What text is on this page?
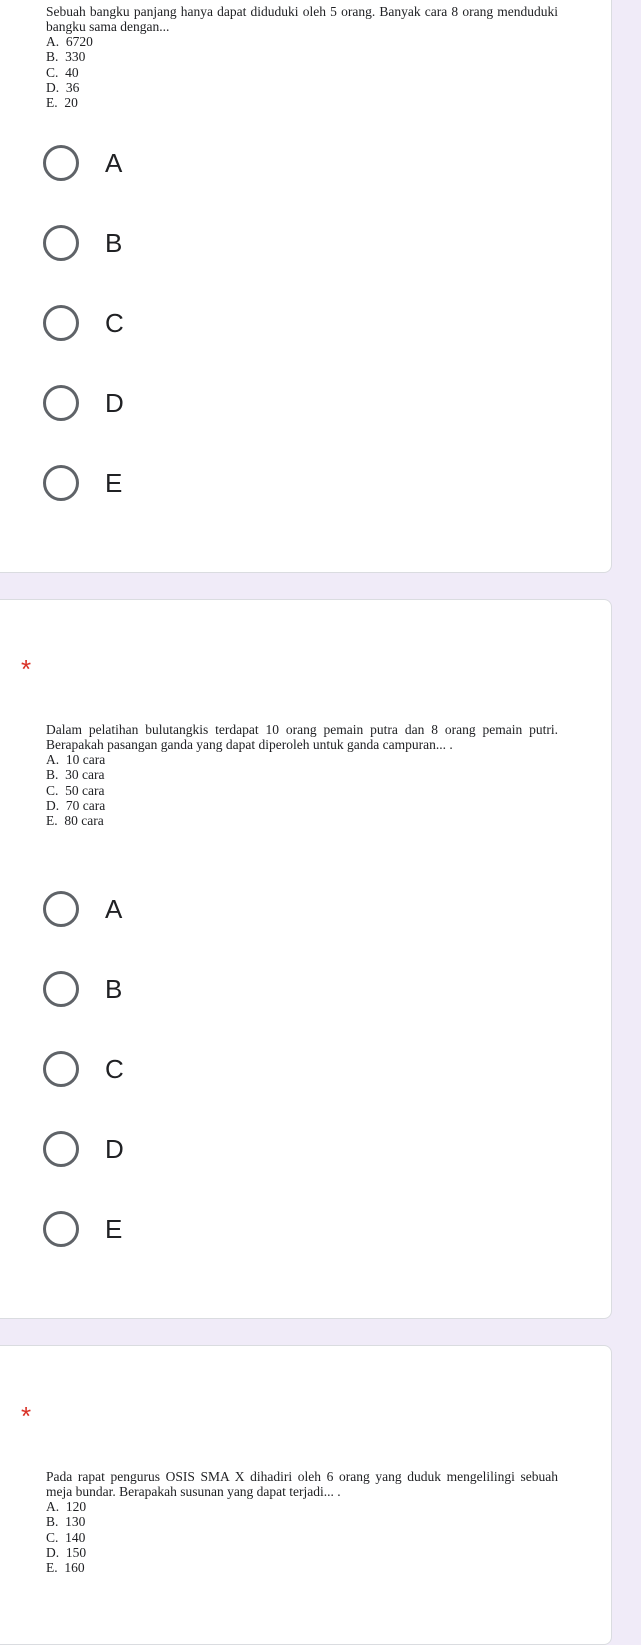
Sebuah bangku panjang hanya dapat diduduki oleh 5 orang. Banyak cara 8 orang menduduki bangku sama dengan...

A.  6720
B.  330
C.  40
D.  36
E.  20
A
B
C
D
E
*

Dalam pelatihan bulutangkis terdapat 10 orang pemain putra dan 8 orang pemain putri. Berapakah pasangan ganda yang dapat diperoleh untuk ganda campuran... .

A.  10 cara
B.  30 cara
C.  50 cara
D.  70 cara
E.  80 cara
A
B
C
D
E
*

Pada rapat pengurus OSIS SMA X dihadiri oleh 6 orang yang duduk mengelilingi sebuah meja bundar. Berapakah susunan yang dapat terjadi... .

A.  120
B.  130
C.  140
D.  150
E.  160
